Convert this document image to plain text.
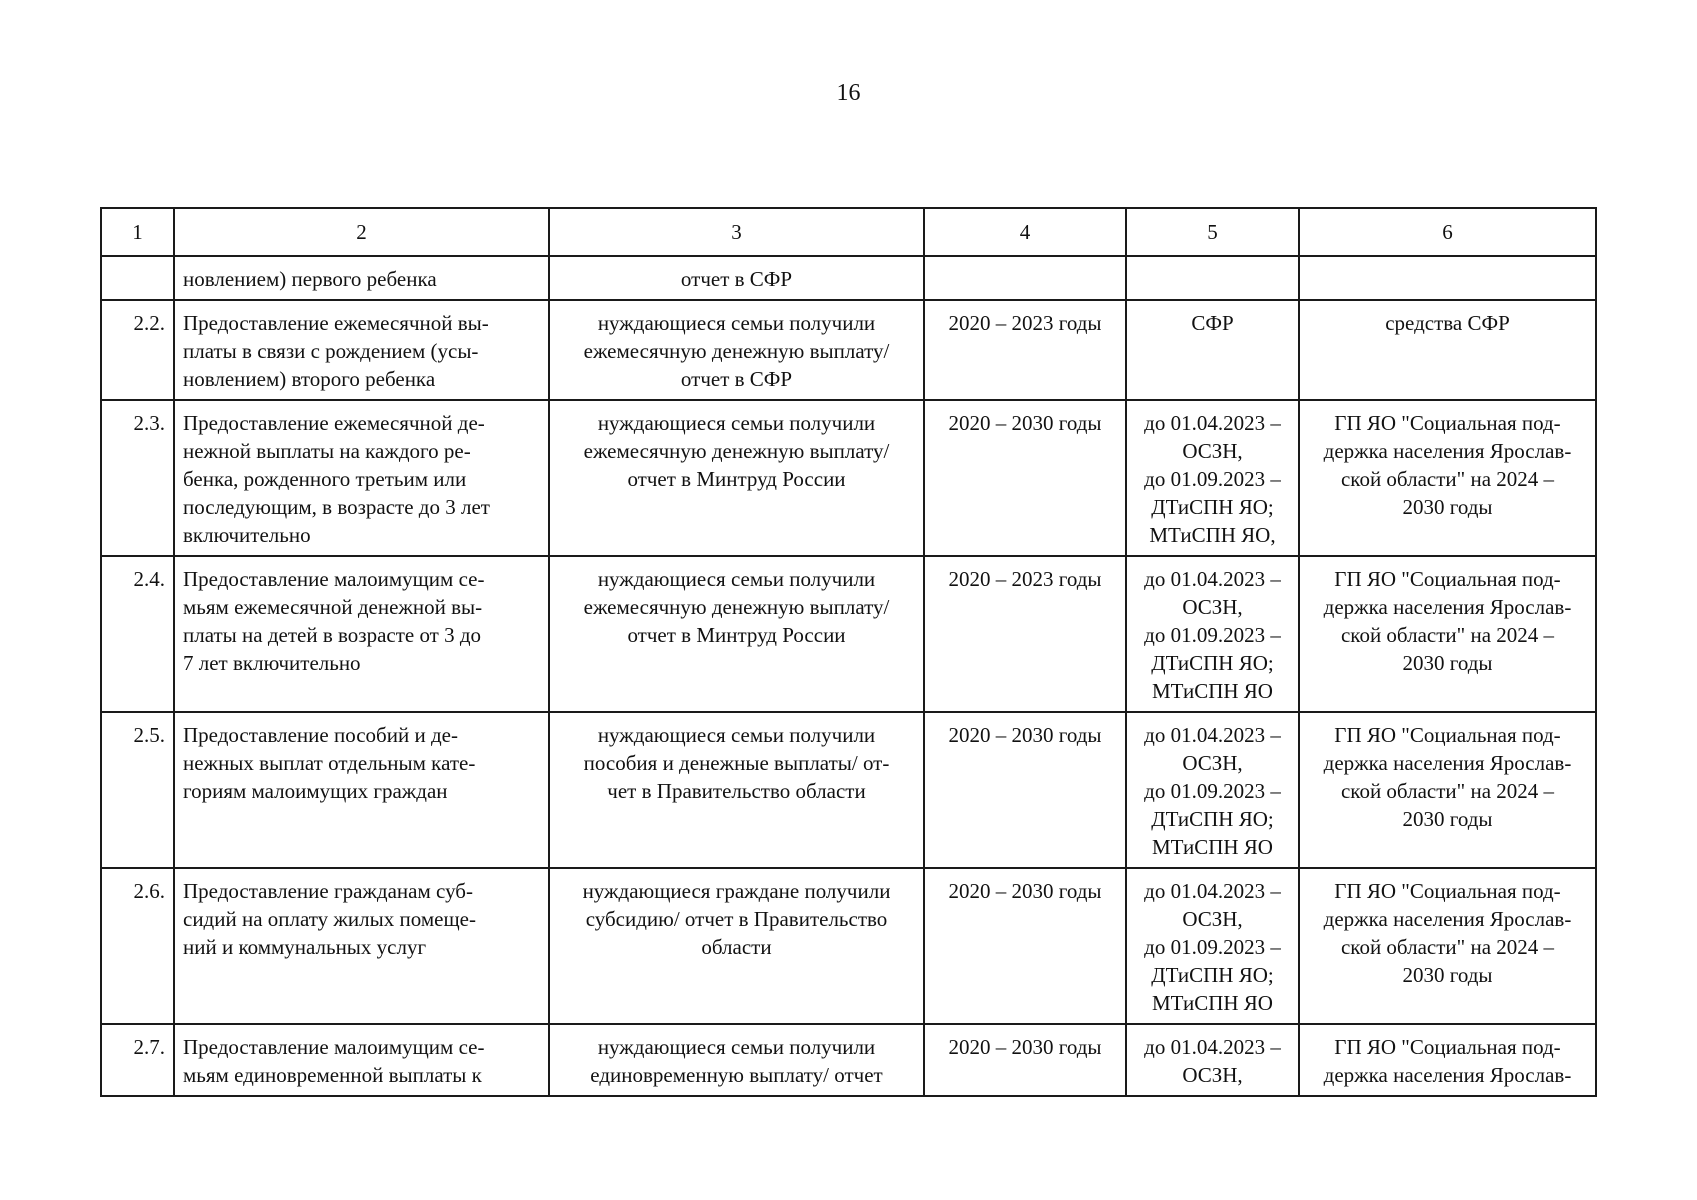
16
1	2	3	4	5	6

	новлением) первого ребенка	отчет в СФР			

2.2.	Предоставление ежемесячной вы-
платы в связи с рождением (усы-
новлением) второго ребенка	нуждающиеся семьи получили
ежемесячную денежную выплату/
отчет в СФР	2020 – 2023 годы	СФР	средства СФР

2.3.	Предоставление ежемесячной де-
нежной выплаты на каждого ре-
бенка, рожденного третьим или
последующим, в возрасте до 3 лет
включительно	нуждающиеся семьи получили
ежемесячную денежную выплату/
отчет в Минтруд России	2020 – 2030 годы	до 01.04.2023 –
ОСЗН,
до 01.09.2023 –
ДТиСПН ЯО;
МТиСПН ЯО,	ГП ЯО "Социальная под-
держка населения Ярослав-
ской области" на 2024 –
2030 годы

2.4.	Предоставление малоимущим се-
мьям ежемесячной денежной вы-
платы на детей в возрасте от 3 до
7 лет включительно	нуждающиеся семьи получили
ежемесячную денежную выплату/
отчет в Минтруд России	2020 – 2023 годы	до 01.04.2023 –
ОСЗН,
до 01.09.2023 –
ДТиСПН ЯО;
МТиСПН ЯО	ГП ЯО "Социальная под-
держка населения Ярослав-
ской области" на 2024 –
2030 годы

2.5.	Предоставление пособий и де-
нежных выплат отдельным кате-
гориям малоимущих граждан	нуждающиеся семьи получили
пособия и денежные выплаты/ от-
чет в Правительство области	2020 – 2030 годы	до 01.04.2023 –
ОСЗН,
до 01.09.2023 –
ДТиСПН ЯО;
МТиСПН ЯО	ГП ЯО "Социальная под-
держка населения Ярослав-
ской области" на 2024 –
2030 годы

2.6.	Предоставление гражданам суб-
сидий на оплату жилых помеще-
ний и коммунальных услуг	нуждающиеся граждане получили
субсидию/ отчет в Правительство
области	2020 – 2030 годы	до 01.04.2023 –
ОСЗН,
до 01.09.2023 –
ДТиСПН ЯО;
МТиСПН ЯО	ГП ЯО "Социальная под-
держка населения Ярослав-
ской области" на 2024 –
2030 годы

2.7.	Предоставление малоимущим се-
мьям единовременной выплаты к	нуждающиеся семьи получили
единовременную выплату/ отчет	2020 – 2030 годы	до 01.04.2023 –
ОСЗН,	ГП ЯО "Социальная под-
держка населения Ярослав-
